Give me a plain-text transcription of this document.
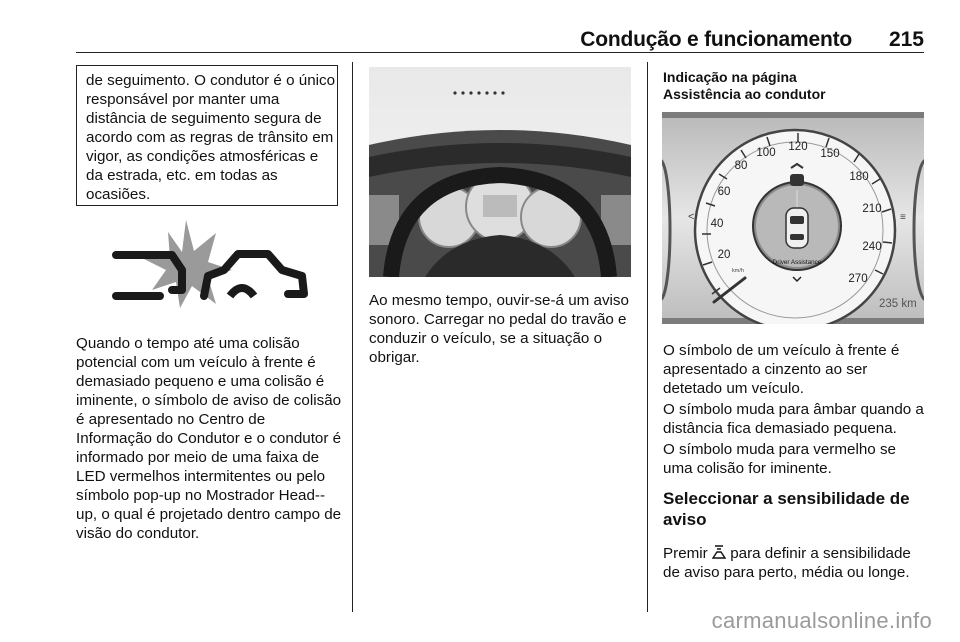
Condução e funcionamento 215

de seguimento. O condutor é o único responsável por manter uma distância de seguimento segura de acordo com as regras de trânsito em vigor, as condições atmosféricas e da estrada, etc. em todas as ocasiões.

Quando o tempo até uma colisão potencial com um veículo à frente é demasiado pequeno e uma colisão é iminente, o símbolo de aviso de colisão é apresentado no Centro de Informação do Condutor e o condutor é informado por meio de uma faixa de LED vermelhos intermitentes ou pelo símbolo pop-up no Mostrador Head--up, o qual é projetado dentro campo de visão do condutor.

Ao mesmo tempo, ouvir-se-á um aviso sonoro. Carregar no pedal do travão e conduzir o veículo, se a situação o obrigar.

Indicação na página
Assistência ao condutor
20
40
60
80
100 120
150
180
210
240
270
km/h
<	≡
Driver Assistance
235 km

O símbolo de um veículo à frente é apresentado a cinzento ao ser detetado um veículo.

O símbolo muda para âmbar quando a distância fica demasiado pequena.

O símbolo muda para vermelho se uma colisão for iminente.

Seleccionar a sensibilidade de aviso

Premir para definir a sensibilidade de aviso para perto, média ou longe.

carmanualsonline.info
